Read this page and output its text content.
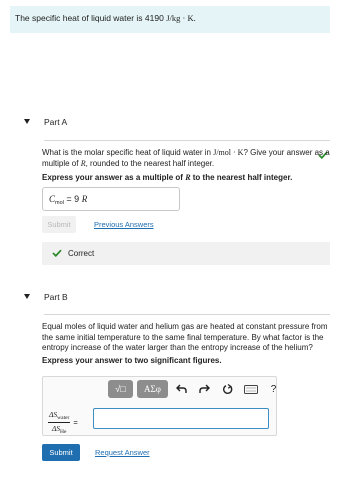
The specific heat of liquid water is 4190 J/kg · K.
Part A
What is the molar specific heat of liquid water in J/mol · K? Give your answer as a multiple of R, rounded to the nearest half integer.
Express your answer as a multiple of R to the nearest half integer.
$C_{mol} = 9$ R
Submit	Previous Answers
Correct
Part B
Equal moles of liquid water and helium gas are heated at constant pressure from the same initial temperature to the same final temperature. By what factor is the entropy increase of the water larger than the entropy increase of the helium?
Express your answer to two significant figures.
√□	ΑΣφ	?
$\frac{\Delta S_{water}}{\Delta S_{He}}$ =
Submit	Request Answer
